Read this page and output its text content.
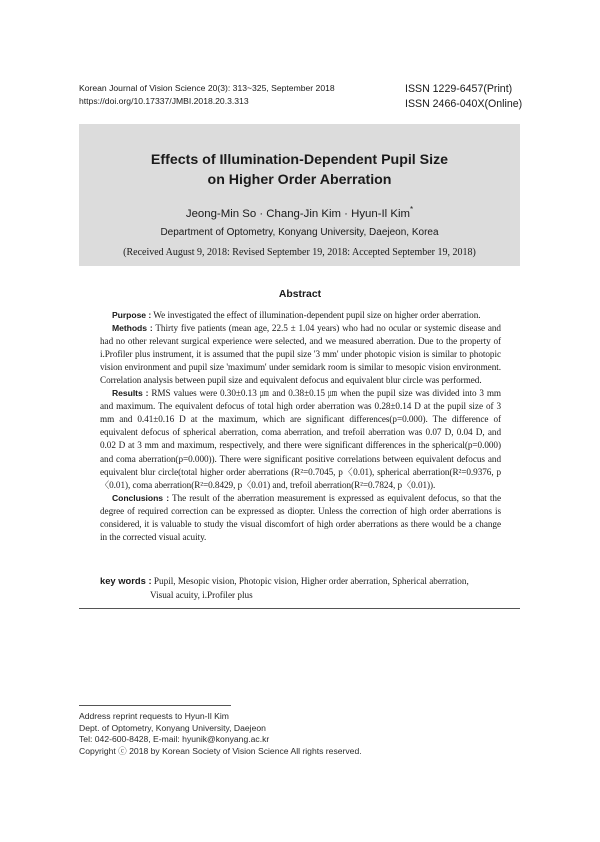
Korean Journal of Vision Science 20(3): 313~325, September 2018
https://doi.org/10.17337/JMBI.2018.20.3.313
ISSN 1229-6457(Print)
ISSN 2466-040X(Online)
Effects of Illumination-Dependent Pupil Size
on Higher Order Aberration
Jeong-Min So · Chang-Jin Kim · Hyun-Il Kim*
Department of Optometry, Konyang University, Daejeon, Korea
(Received August 9, 2018: Revised September 19, 2018: Accepted September 19, 2018)
Abstract

Purpose : We investigated the effect of illumination-dependent pupil size on higher order aberration.

Methods : Thirty five patients (mean age, 22.5 ± 1.04 years) who had no ocular or systemic disease and had no other relevant surgical experience were selected, and we measured aberration. Due to the property of i.Profiler plus instrument, it is assumed that the pupil size '3 mm' under photopic vision is similar to photopic vision environment and pupil size 'maximum' under semidark room is similar to mesopic vision environment. Correlation analysis between pupil size and equivalent defocus and equivalent blur circle was performed.

Results : RMS values were 0.30±0.13 ㎛ and 0.38±0.15 ㎛ when the pupil size was divided into 3 mm and maximum. The equivalent defocus of total high order aberration was 0.28±0.14 D at the pupil size of 3 mm and 0.41±0.16 D at the maximum, which are significant differences(p=0.000). The difference of equivalent defocus of spherical aberration, coma aberration, and trefoil aberration was 0.07 D, 0.04 D, and 0.02 D at 3 mm and maximum, respectively, and there were significant differences in the spherical(p=0.000) and coma aberration(p=0.000)). There were significant positive correlations between equivalent defocus and equivalent blur circle(total higher order aberrations (R²=0.7045, p〈0.01), spherical aberration(R²=0.9376, p〈0.01), coma aberration(R²=0.8429, p〈0.01) and, trefoil aberration(R²=0.7824, p〈0.01)).

Conclusions : The result of the aberration measurement is expressed as equivalent defocus, so that the degree of required correction can be expressed as diopter. Unless the correction of high order aberrations is considered, it is valuable to study the visual discomfort of high order aberrations as there would be a change in the corrected visual acuity.

key words : Pupil, Mesopic vision, Photopic vision, Higher order aberration, Spherical aberration,
Visual acuity, i.Profiler plus
Address reprint requests to Hyun-Il Kim
Dept. of Optometry, Konyang University, Daejeon
Tel: 042-600-8428, E-mail: hyunik@konyang.ac.kr
Copyright ⓒ 2018 by Korean Society of Vision Science All rights reserved.
